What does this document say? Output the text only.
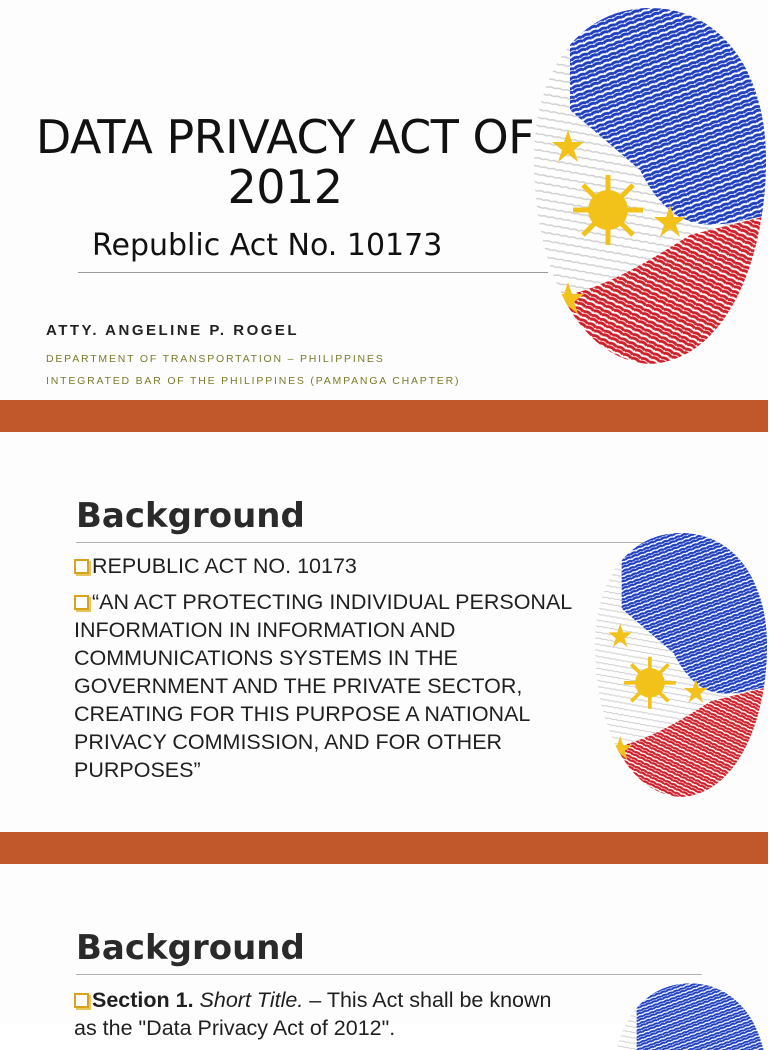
DATA PRIVACY ACT OF 2012
Republic Act No. 10173
ATTY. ANGELINE P. ROGEL
DEPARTMENT OF TRANSPORTATION – PHILIPPINES
INTEGRATED BAR OF THE PHILIPPINES (PAMPANGA CHAPTER)
Background
REPUBLIC ACT NO. 10173
“AN ACT PROTECTING INDIVIDUAL PERSONAL INFORMATION IN INFORMATION AND COMMUNICATIONS SYSTEMS IN THE GOVERNMENT AND THE PRIVATE SECTOR, CREATING FOR THIS PURPOSE A NATIONAL PRIVACY COMMISSION, AND FOR OTHER PURPOSES”
Background
Section 1. Short Title. – This Act shall be known as the "Data Privacy Act of 2012".
